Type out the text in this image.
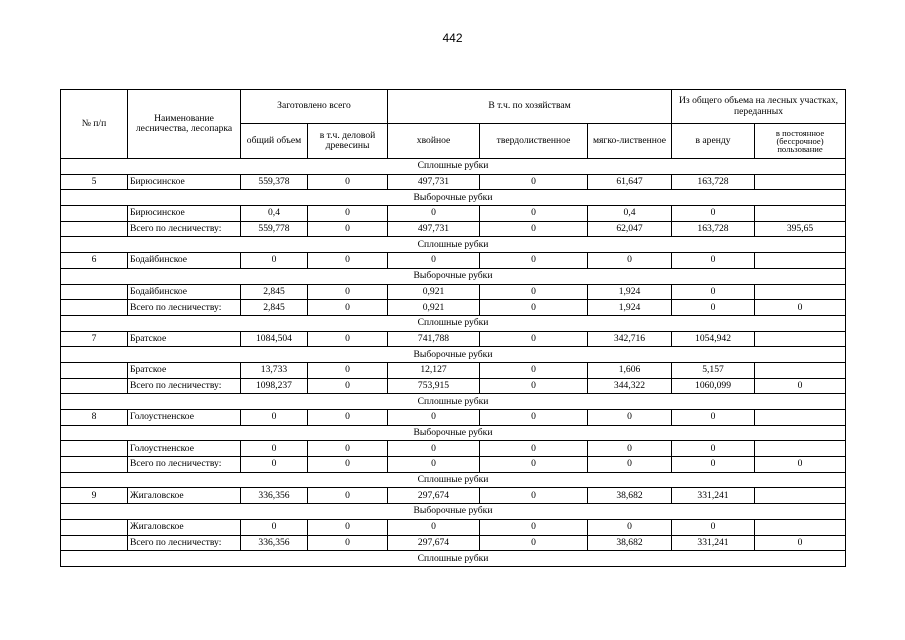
442
№ п/п	Наименование лесничества, лесопарка	Заготовлено всего		В т.ч. по хозяйствам			Из общего объема на лесных участках, переданных	
		общий объем	в т.ч. деловой древесины	хвойное	твердолиственное	мягко-лиственное	в аренду	в постоянное (бессрочное) пользование
Сплошные рубки								
5	Бирюсинское	559,378	0	497,731	0	61,647	163,728	
Выборочные рубки								
	Бирюсинское	0,4	0	0	0	0,4	0	
	Всего по лесничеству:	559,778	0	497,731	0	62,047	163,728	395,65
Сплошные рубки								
6	Бодайбинское	0	0	0	0	0	0	
Выборочные рубки								
	Бодайбинское	2,845	0	0,921	0	1,924	0	
	Всего по лесничеству:	2,845	0	0,921	0	1,924	0	0
Сплошные рубки								
7	Братское	1084,504	0	741,788	0	342,716	1054,942	
Выборочные рубки								
	Братское	13,733	0	12,127	0	1,606	5,157	
	Всего по лесничеству:	1098,237	0	753,915	0	344,322	1060,099	0
Сплошные рубки								
8	Голоустненское	0	0	0	0	0	0	
Выборочные рубки								
	Голоустненское	0	0	0	0	0	0	
	Всего по лесничеству:	0	0	0	0	0	0	0
Сплошные рубки								
9	Жигаловское	336,356	0	297,674	0	38,682	331,241	
Выборочные рубки								
	Жигаловское	0	0	0	0	0	0	
	Всего по лесничеству:	336,356	0	297,674	0	38,682	331,241	0
Сплошные рубки								
